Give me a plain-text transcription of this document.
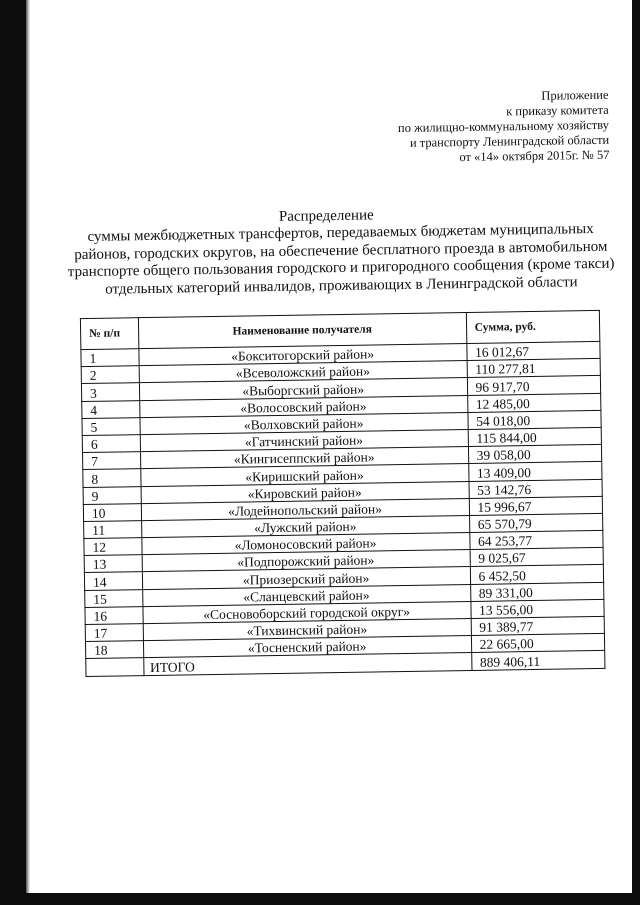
Приложение
к приказу комитета
по жилищно-коммунальному хозяйству
и транспорту Ленинградской области
от «14» октября 2015г. № 57
Распределение
суммы межбюджетных трансфертов, передаваемых бюджетам муниципальных районов, городских округов, на обеспечение бесплатного проезда в автомобильном транспорте общего пользования городского и пригородного сообщения (кроме такси) отдельных категорий инвалидов, проживающих в Ленинградской области
№ п/п	Наименование получателя	Сумма, руб.
1	«Бокситогорский район»	16 012,67
2	«Всеволожский район»	110 277,81
3	«Выборгский район»	96 917,70
4	«Волосовский район»	12 485,00
5	«Волховский район»	54 018,00
6	«Гатчинский район»	115 844,00
7	«Кингисеппский район»	39 058,00
8	«Киришский район»	13 409,00
9	«Кировский район»	53 142,76
10	«Лодейнопольский район»	15 996,67
11	«Лужский район»	65 570,79
12	«Ломоносовский район»	64 253,77
13	«Подпорожский район»	9 025,67
14	«Приозерский район»	6 452,50
15	«Сланцевский район»	89 331,00
16	«Сосновоборский городской округ»	13 556,00
17	«Тихвинский район»	91 389,77
18	«Тосненский район»	22 665,00
	ИТОГО	889 406,11
